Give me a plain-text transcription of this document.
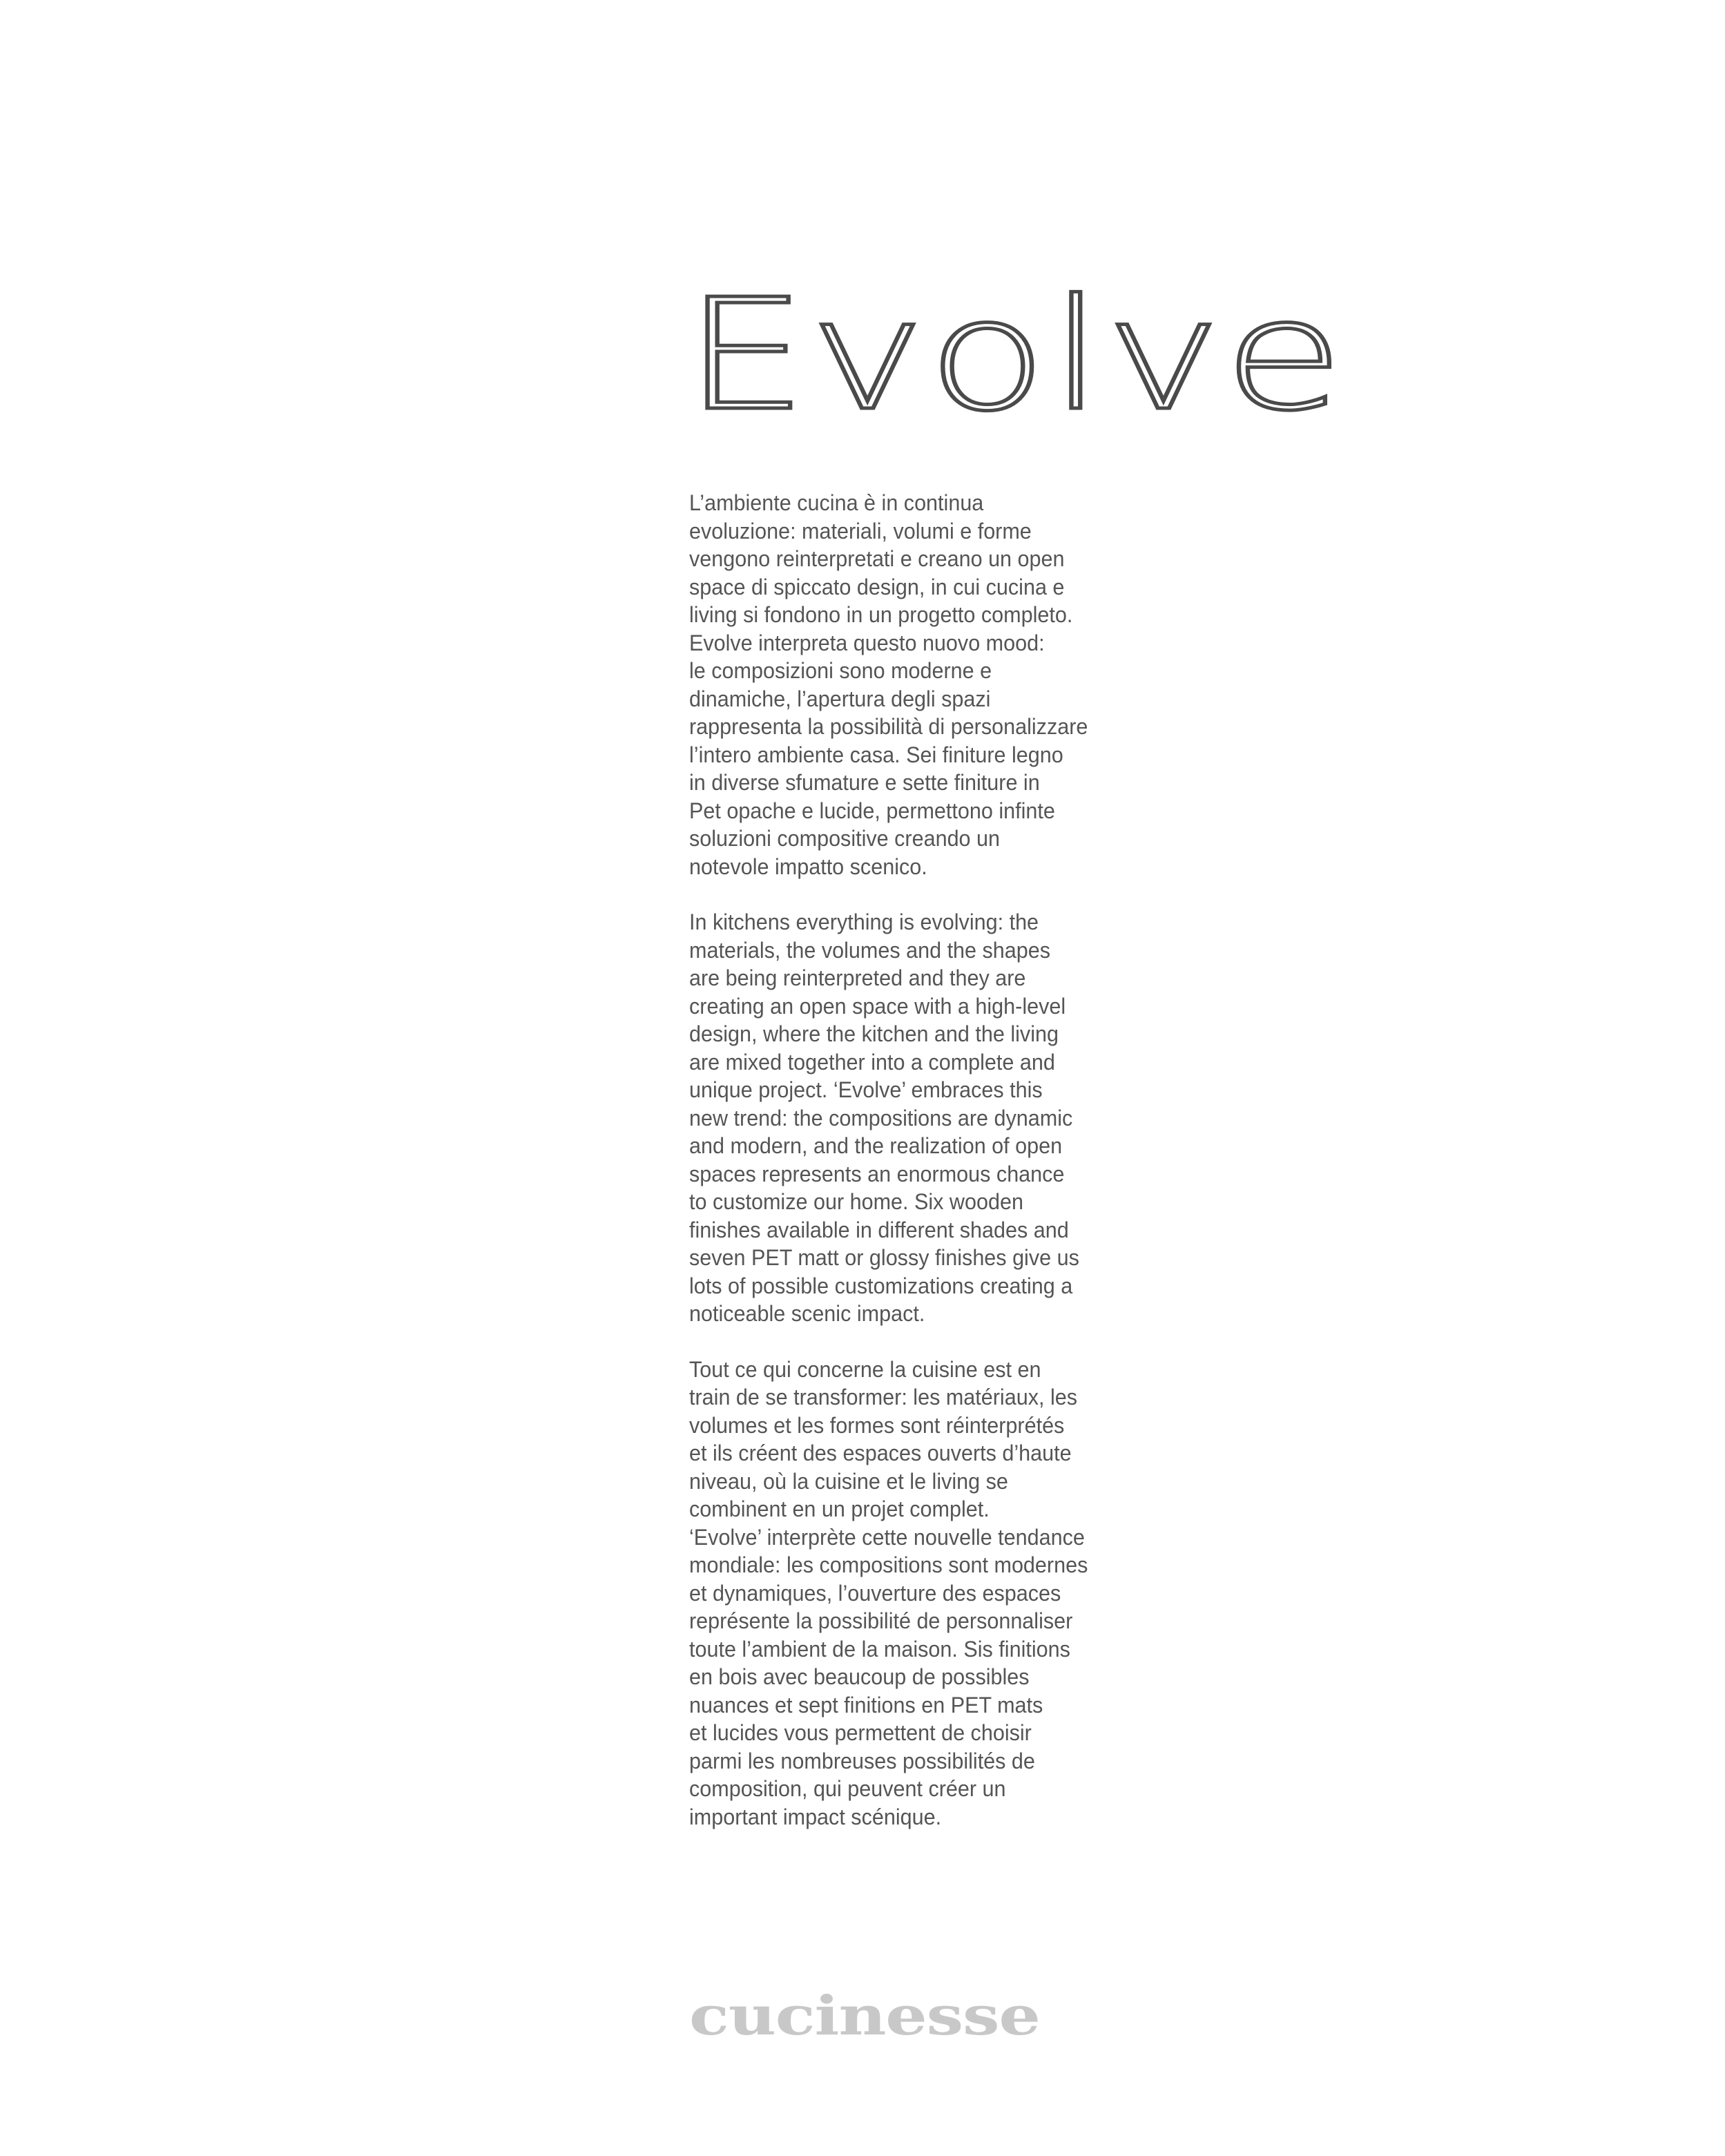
Evolve

L’ambiente cucina è in continua
evoluzione: materiali, volumi e forme
vengono reinterpretati e creano un open
space di spiccato design, in cui cucina e
living si fondono in un progetto completo.
Evolve interpreta questo nuovo mood:
le composizioni sono moderne e
dinamiche, l’apertura degli spazi
rappresenta la possibilità di personalizzare
l’intero ambiente casa. Sei finiture legno
in diverse sfumature e sette finiture in
Pet opache e lucide, permettono infinte
soluzioni compositive creando un
notevole impatto scenico.

In kitchens everything is evolving: the
materials, the volumes and the shapes
are being reinterpreted and they are
creating an open space with a high-level
design, where the kitchen and the living
are mixed together into a complete and
unique project. ‘Evolve’ embraces this
new trend: the compositions are dynamic
and modern, and the realization of open
spaces represents an enormous chance
to customize our home. Six wooden
finishes available in different shades and
seven PET matt or glossy finishes give us
lots of possible customizations creating a
noticeable scenic impact.

Tout ce qui concerne la cuisine est en
train de se transformer: les matériaux, les
volumes et les formes sont réinterprétés
et ils créent des espaces ouverts d’haute
niveau, où la cuisine et le living se
combinent en un projet complet.
‘Evolve’ interprète cette nouvelle tendance
mondiale: les compositions sont modernes
et dynamiques, l’ouverture des espaces
représente la possibilité de personnaliser
toute l’ambient de la maison. Sis finitions
en bois avec beaucoup de possibles
nuances et sept finitions en PET mats
et lucides vous permettent de choisir
parmi les nombreuses possibilités de
composition, qui peuvent créer un
important impact scénique.

cucinesse
